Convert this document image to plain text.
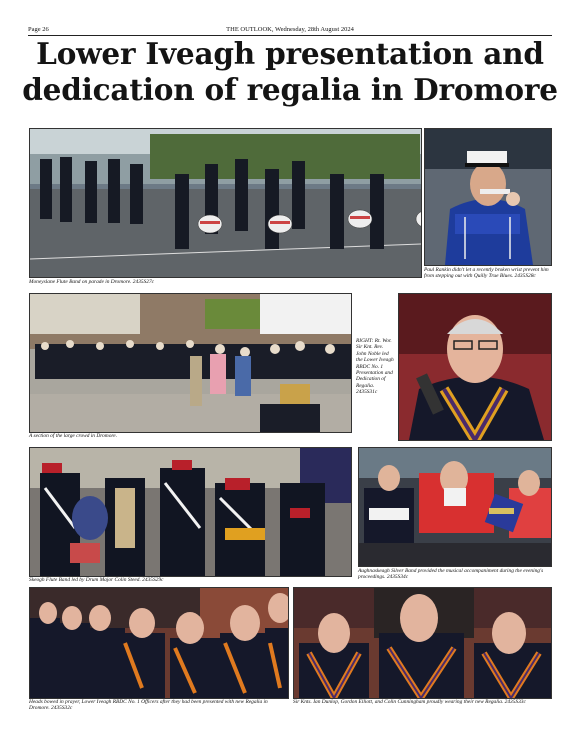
Page 26	THE OUTLOOK, Wednesday, 28th August 2024
Lower Iveagh presentation and dedication of regalia in Dromore
Moneyslane Flute Band on parade in Dromore. 2435S27c
Paul Rankin didn't let a recently broken wrist prevent him from stepping out with Quilly True Blues. 2435S28c
A section of the large crowd in Dromore.
RIGHT: Rt. Wor. Sir Knt. Rev. John Noble led the Lower Iveagh RBDC No. 1 Presentation and Dedication of Regalia. 2435S31c
Skeogh Flute Band led by Drum Major Colin Steed. 2435S29c
Aughnaskeagh Silver Band provided the musical accompaniment during the evening's proceedings. 2435S34c
Heads bowed in prayer, Lower Iveagh RBDC No. 1 Officers after they had been presented with new Regalia in Dromore. 2435S32c
Sir Knts. Ian Dunlop, Gordon Elliott, and Colin Cunningham proudly wearing their new Regalia. 2435S33c
